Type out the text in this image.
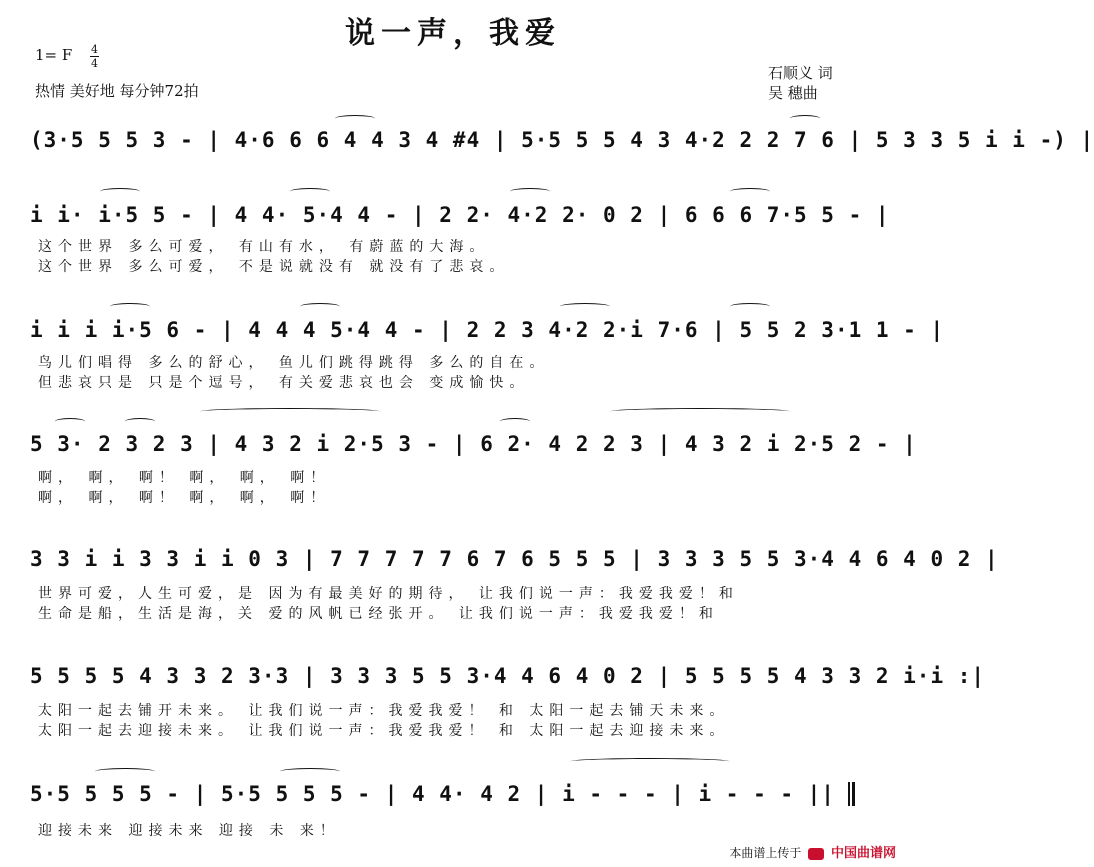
说一声，我爱
1= F 4
4
热情 美好地 每分钟72拍
石顺义 词
吴 穗曲
(3·5 5 5 3 - | 4·6 6 6 4 4 3 4 #4 | 5·5 5 5 4 3 4·2 2 2 7 6 | 5 3 3 5 i i -) |
i i· i·5 5 - | 4 4· 5·4 4 - | 2 2· 4·2 2· 0 2 | 6 6 6 7·5 5 - |
这个世界 多么可爱， 有山有水， 有蔚蓝的大海。
这个世界 多么可爱， 不是说就没有 就没有了悲哀。
i i i i·5 6 - | 4 4 4 5·4 4 - | 2 2 3 4·2 2·i 7·6 | 5 5 2 3·1 1 - |
鸟儿们唱得 多么的舒心， 鱼儿们跳得跳得 多么的自在。
但悲哀只是 只是个逗号， 有关爱悲哀也会 变成愉快。
5 3· 2 3 2 3 | 4 3 2 i 2·5 3 - | 6 2· 4 2 2 3 | 4 3 2 i 2·5 2 - |
啊， 啊， 啊！ 啊， 啊， 啊！
啊， 啊， 啊！ 啊， 啊， 啊！
3 3 i i 3 3 i i 0 3 | 7 7 7 7 7 6 7 6 5 5 5 | 3 3 3 5 5 3·4 4 6 4 0 2 |
世界可爱，人生可爱，是 因为有最美好的期待， 让我们说一声：我爱我爱！和
生命是船，生活是海，关 爱的风帆已经张开。 让我们说一声：我爱我爱！和
5 5 5 5 4 3 3 2 3·3 | 3 3 3 5 5 3·4 4 6 4 0 2 | 5 5 5 5 4 3 3 2 i·i :|
太阳一起去铺开未来。 让我们说一声：我爱我爱！ 和 太阳一起去铺天未来。
太阳一起去迎接未来。 让我们说一声：我爱我爱！ 和 太阳一起去迎接未来。
5·5 5 5 5 - | 5·5 5 5 5 - | 4 4· 4 2 | i - - - | i - - - ||
迎接未来 迎接未来 迎接 未 来！
本曲谱上传于 中国曲谱网
